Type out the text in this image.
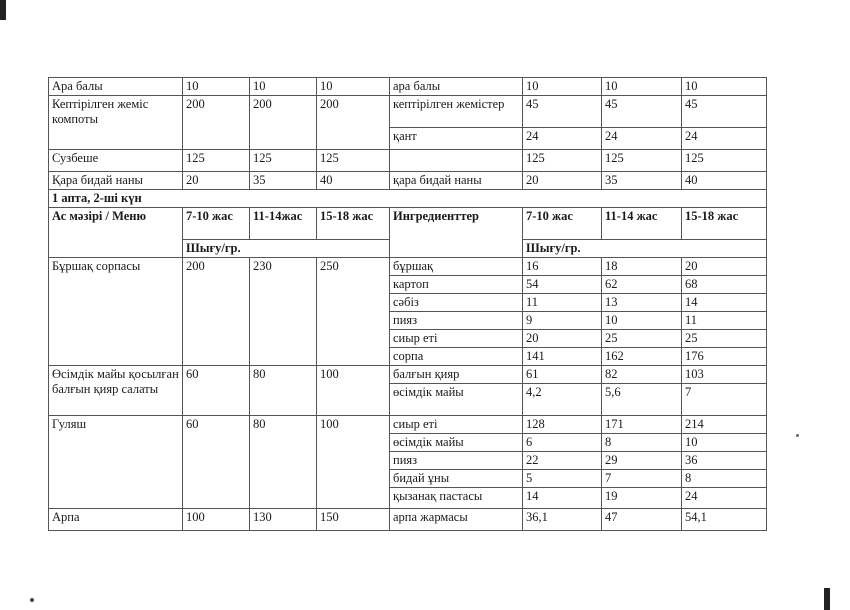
Ара балы	10	10	10	ара балы	10	10	10
Кептірілген жеміс компоты	200	200	200	кептірілген жемістер	45	45	45
				қант	24	24	24
Сузбеше	125	125	125		125	125	125
Қара бидай наны	20	35	40	қара бидай наны	20	35	40
1 апта, 2-ші күн							
Ас мәзірі / Меню	7-10 жас	11-14жас	15-18 жас	Ингредиенттер	7-10 жас	11-14 жас	15-18 жас
	Шығу/гр.				Шығу/гр.		
Бұршақ сорпасы	200	230	250	бұршақ	16	18	20
				картоп	54	62	68
				сәбіз	11	13	14
				пияз	9	10	11
				сиыр еті	20	25	25
				сорпа	141	162	176
Өсімдік майы қосылған балғын қияр салаты	60	80	100	балғын қияр	61	82	103
				өсімдік майы	4,2	5,6	7
Гуляш	60	80	100	сиыр еті	128	171	214
				өсімдік майы	6	8	10
				пияз	22	29	36
				бидай ұны	5	7	8
				қызанақ пастасы	14	19	24
Арпа	100	130	150	арпа жармасы	36,1	47	54,1
